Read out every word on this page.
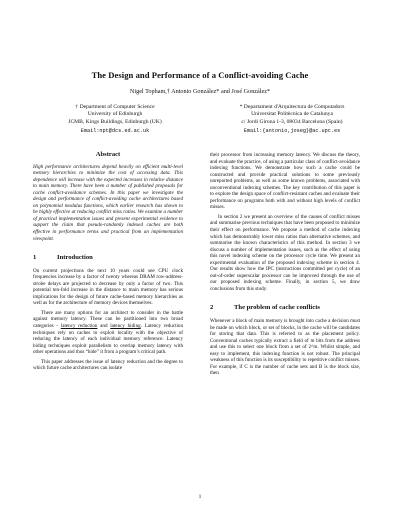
The Design and Performance of a Conflict-avoiding Cache
Nigel Topham,† Antonio González* and José González*
† Department of Computer Science
University of Edinburgh
JCMB, Kings Buildings, Edinburgh (UK)
Email:npt@dcs.ed.ac.uk
* Departament d'Arquitectura de Computadors
Universitat Politècnica de Catalunya
c/ Jordi Girona 1-3, 08034 Barcelona (Spain)
Email:{antonio,joseg}@ac.upc.es
Abstract

High performance architectures depend heavily on efficient multi-level memory hierarchies to minimize the cost of accessing data. This dependence will increase with the expected increases in relative distance to main memory. There have been a number of published proposals for cache conflict-avoidance schemes. In this paper we investigate the design and performance of conflict-avoiding cache architectures based on polynomial modulus functions, which earlier research has shown to be highly effective at reducing conflict miss ratios. We examine a number of practical implementation issues and present experimental evidence to support the claim that pseudo-randomly indexed caches are both effective in performance terms and practical from an implementation viewpoint.

1	Introduction

On current projections the next 10 years could see CPU clock frequencies increase by a factor of twenty whereas DRAM row-address-strobe delays are projected to decrease by only a factor of two. This potential ten-fold increase in the distance to main memory has serious implications for the design of future cache-based memory hierarchies as well as for the architecture of memory devices themselves.

There are many options for an architect to consider in the battle against memory latency. These can be partitioned into two broad categories - latency reduction and latency hiding. Latency reduction techniques rely on caches to exploit locality with the objective of reducing the latency of each individual memory reference. Latency hiding techniques exploit parallelism to overlap memory latency with other operations and thus “hide” it from a program’s critical path.

This paper addresses the issue of latency reduction and the degree to which future cache architectures can isolate

their processor from increasing memory latency. We discuss the theory, and evaluate the practice, of using a particular class of conflict-avoidance indexing functions. We demonstrate how such a cache could be constructed and provide practical solutions to some previously unreported problems, as well as some known problems, associated with unconventional indexing schemes. The key contribution of this paper is to explore the design space of conflict-resistant caches and evaluate their performance on programs both with and without high levels of conflict misses.

In section 2 we present an overview of the causes of conflict misses and summarise previous techniques that have been proposed to minimize their effect on performance. We propose a method of cache indexing which has demonstrably lower miss ratios than alternative schemes, and summarise the known characteristics of this method. In section 3 we discuss a number of implementation issues, such as the effect of using this novel indexing scheme on the processor cycle time. We present an experimental evaluation of the proposed indexing scheme in section 4. Our results show how the IPC (instructions committed per cycle) of an out-of-order superscalar processor can be improved through the use of our proposed indexing scheme. Finally, in section 5, we draw conclusions from this study.

2	The problem of cache conflicts

Whenever a block of main memory is brought into cache a decision must be made on which block, or set of blocks, in the cache will be candidates for storing that data. This is referred to as the placement policy. Conventional caches typically extract a field of m bits from the address and use this to select one block from a set of 2^m. Whilst simple, and easy to implement, this indexing function is not robust. The principal weakness of this function is its susceptibility to repetitive conflict misses. For example, if C is the number of cache sets and B is the block size, then

1
